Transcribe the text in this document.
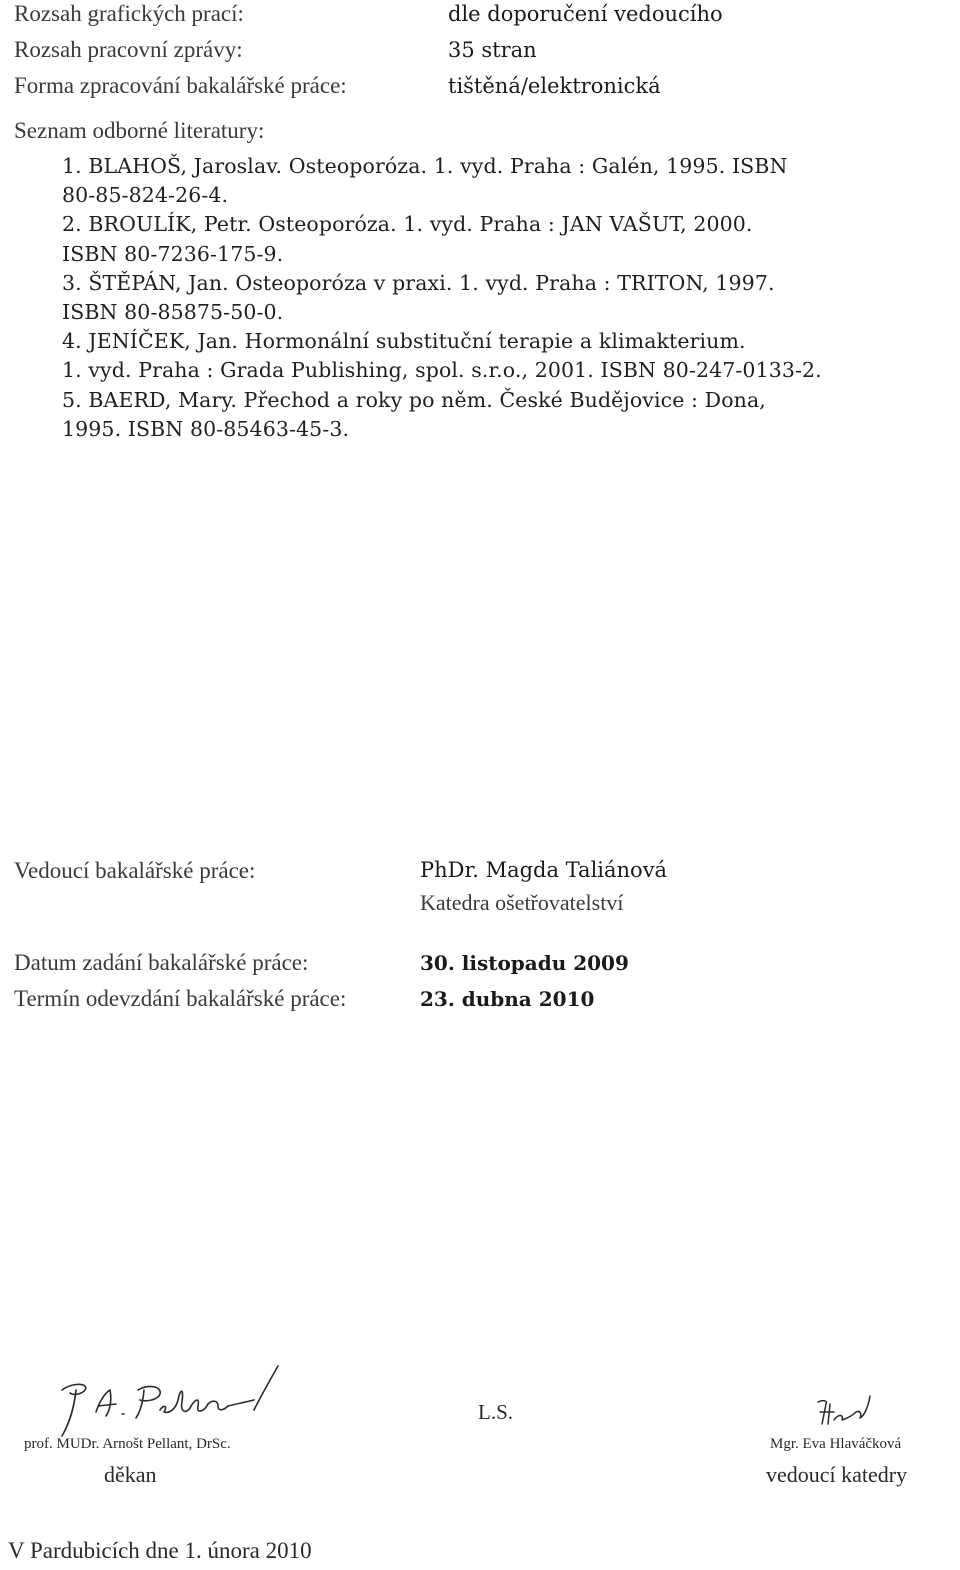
Rozsah grafických prací:	dle doporučení vedoucího
Rozsah pracovní zprávy:	35 stran
Forma zpracování bakalářské práce:	tištěná/elektronická
Seznam odborné literatury:
1. BLAHOŠ, Jaroslav. Osteoporóza. 1. vyd. Praha : Galén, 1995. ISBN
80-85-824-26-4.
2. BROULÍK, Petr. Osteoporóza. 1. vyd. Praha : JAN VAŠUT, 2000.
ISBN 80-7236-175-9.
3. ŠTĚPÁN, Jan. Osteoporóza v praxi. 1. vyd. Praha : TRITON, 1997.
ISBN 80-85875-50-0.
4. JENÍČEK, Jan. Hormonální substituční terapie a klimakterium.
1. vyd. Praha : Grada Publishing, spol. s.r.o., 2001. ISBN 80-247-0133-2.
5. BAERD, Mary. Přechod a roky po něm. České Budějovice : Dona,
1995. ISBN 80-85463-45-3.
Vedoucí bakalářské práce:	PhDr. Magda Taliánová
Katedra ošetřovatelství
Datum zadání bakalářské práce:	30. listopadu 2009
Termín odevzdání bakalářské práce:	23. dubna 2010
prof. MUDr. Arnošt Pellant, DrSc.
děkan
L.S.
Mgr. Eva Hlaváčková
vedoucí katedry
V Pardubicích dne 1. února 2010
